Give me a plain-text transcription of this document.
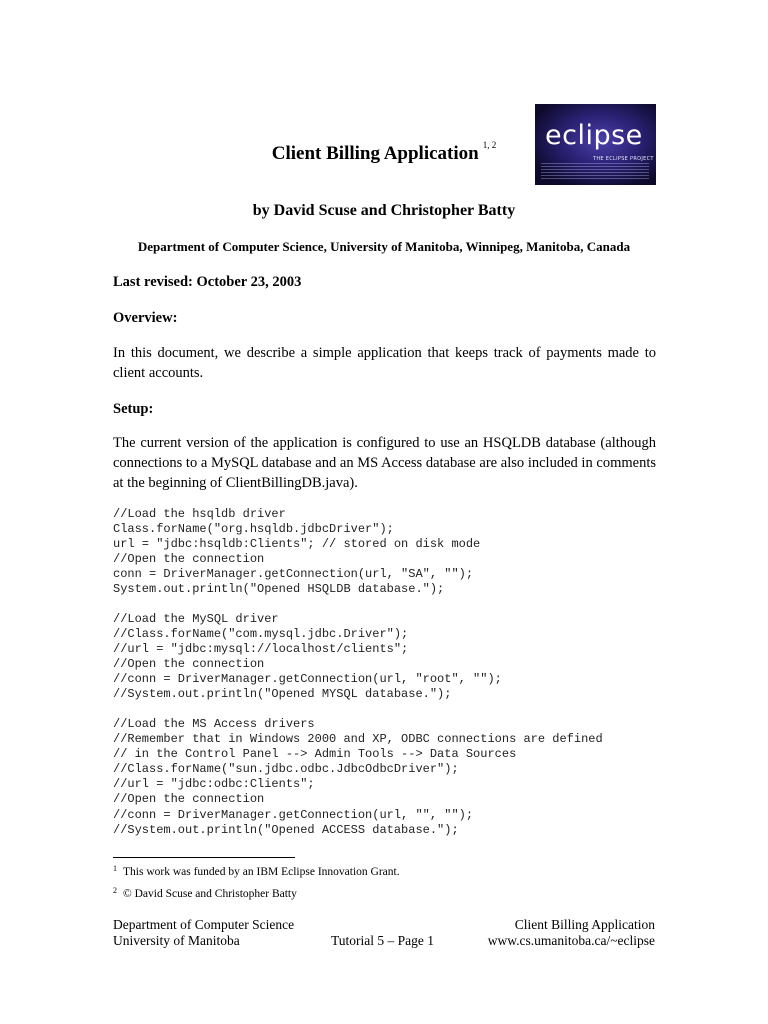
Client Billing Application $^{1, 2}$	eclipse
THE ECLIPSE PROJECT
by David Scuse and Christopher Batty
Department of Computer Science, University of Manitoba, Winnipeg, Manitoba, Canada
Last revised: October 23, 2003
Overview:
In this document, we describe a simple application that keeps track of payments made to client accounts.
Setup:
The current version of the application is configured to use an HSQLDB database (although connections to a MySQL database and an MS Access database are also included in comments at the beginning of ClientBillingDB.java).
//Load the hsqldb driver
Class.forName("org.hsqldb.jdbcDriver");
url = "jdbc:hsqldb:Clients"; // stored on disk mode
//Open the connection
conn = DriverManager.getConnection(url, "SA", "");
System.out.println("Opened HSQLDB database.");
//Load the MySQL driver
//Class.forName("com.mysql.jdbc.Driver");
//url = "jdbc:mysql://localhost/clients";
//Open the connection
//conn = DriverManager.getConnection(url, "root", "");
//System.out.println("Opened MYSQL database.");
//Load the MS Access drivers
//Remember that in Windows 2000 and XP, ODBC connections are defined
// in the Control Panel --> Admin Tools --> Data Sources
//Class.forName("sun.jdbc.odbc.JdbcOdbcDriver");
//url = "jdbc:odbc:Clients";
//Open the connection
//conn = DriverManager.getConnection(url, "", "");
//System.out.println("Opened ACCESS database.");
$^1$ This work was funded by an IBM Eclipse Innovation Grant.
$^2$ © David Scuse and Christopher Batty
Department of Computer Science
University of Manitoba	Tutorial 5 – Page 1
Client Billing Application
www.cs.umanitoba.ca/~eclipse
